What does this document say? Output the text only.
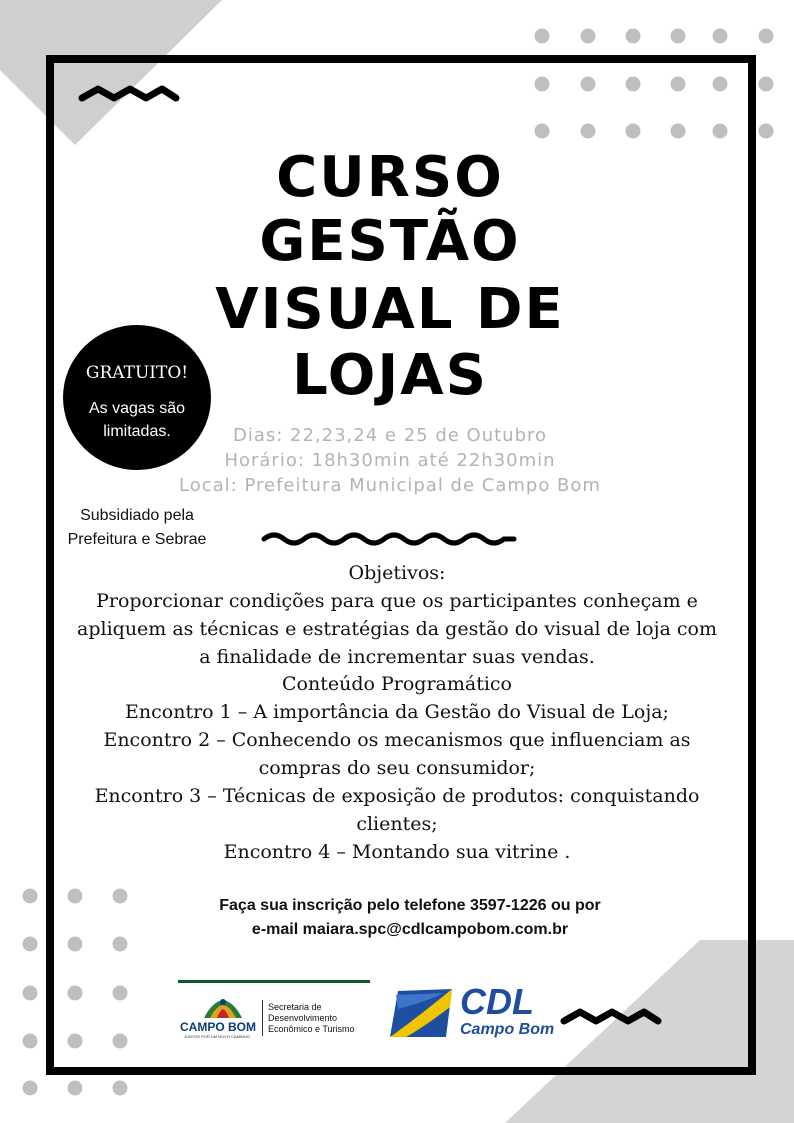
CURSO
GESTÃO
VISUAL DE
LOJAS
GRATUITO!
As vagas são limitadas.	Dias: 22,23,24 e 25 de Outubro
Horário: 18h30min até 22h30min
Local: Prefeitura Municipal de Campo Bom
Subsidiado pela Prefeitura e Sebrae
Objetivos:
Proporcionar condições para que os participantes conheçam e
apliquem as técnicas e estratégias da gestão do visual de loja com
a finalidade de incrementar suas vendas.
Conteúdo Programático
Encontro 1 – A importância da Gestão do Visual de Loja;
Encontro 2 – Conhecendo os mecanismos que influenciam as
compras do seu consumidor;
Encontro 3 – Técnicas de exposição de produtos: conquistando
clientes;
Encontro 4 – Montando sua vitrine .
Faça sua inscrição pelo telefone 3597-1226 ou por
e-mail maiara.spc@cdlcampobom.com.br
CAMPO BOM
JUNTOS POR UM NOVO CAMINHO
Secretaria de
Desenvolvimento
Econômico e Turismo
CDL
Campo Bom
